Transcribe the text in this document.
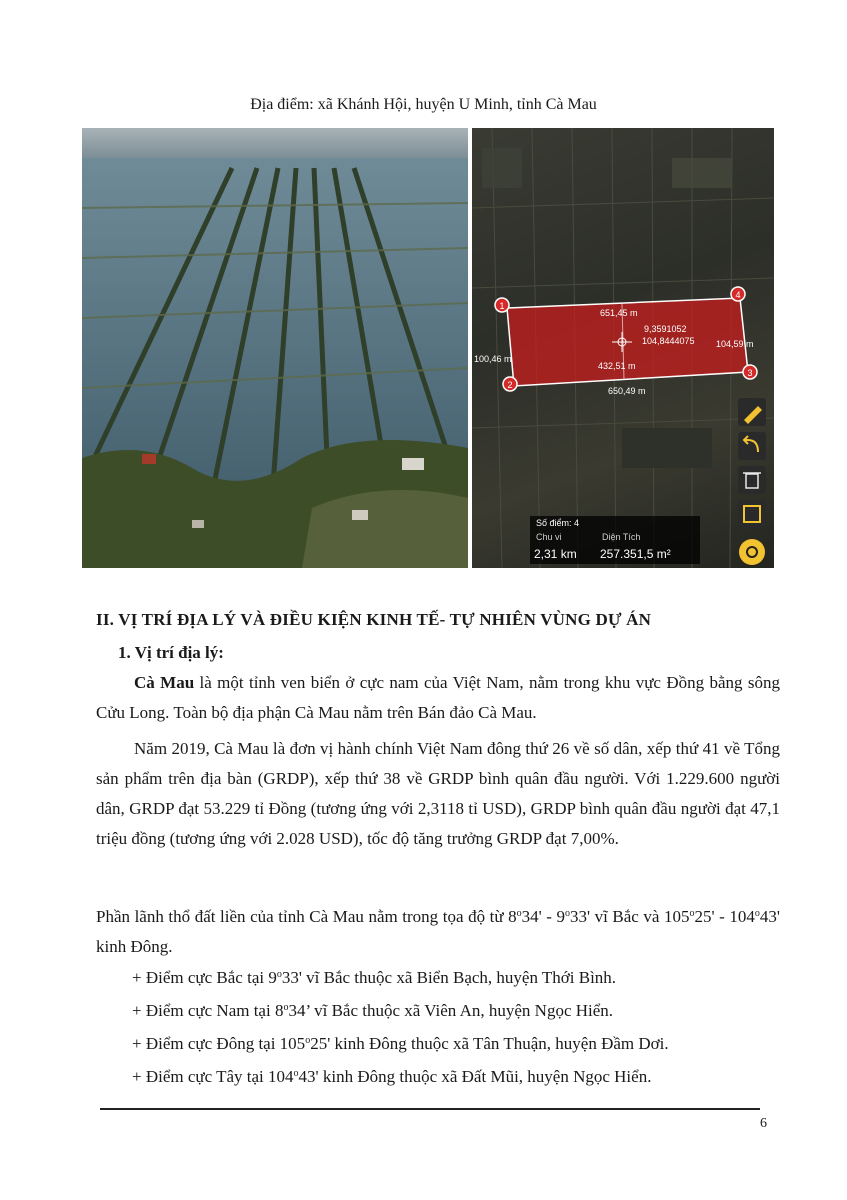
Địa điểm: xã Khánh Hội, huyện U Minh, tỉnh Cà Mau
1
2
3
4
651,45 m
100,46 m
104,59 m
432,51 m
650,49 m
9,3591052
104,8444075
Số điểm: 4
Chu vi	Diện Tích
2,31 km 257.351,5 m²
II. VỊ TRÍ ĐỊA LÝ VÀ ĐIỀU KIỆN KINH TẾ- TỰ NHIÊN VÙNG DỰ ÁN
1. Vị trí địa lý:
Cà Mau là một tỉnh ven biển ở cực nam của Việt Nam, nằm trong khu vực Đồng bằng sông Cửu Long. Toàn bộ địa phận Cà Mau nằm trên Bán đảo Cà Mau.
Năm 2019, Cà Mau là đơn vị hành chính Việt Nam đông thứ 26 về số dân, xếp thứ 41 về Tổng sản phẩm trên địa bàn (GRDP), xếp thứ 38 về GRDP bình quân đầu người. Với 1.229.600 người dân, GRDP đạt 53.229 tỉ Đồng (tương ứng với 2,3118 tỉ USD), GRDP bình quân đầu người đạt 47,1 triệu đồng (tương ứng với 2.028 USD), tốc độ tăng trưởng GRDP đạt 7,00%.
Phần lãnh thổ đất liền của tỉnh Cà Mau nằm trong tọa độ từ 8$^o$34' - 9$^o$33' vĩ Bắc và 105$^o$25' - 104$^o$43' kinh Đông.
+ Điểm cực Bắc tại 9$^o$33' vĩ Bắc thuộc xã Biển Bạch, huyện Thới Bình.
+ Điểm cực Nam tại 8$^o$34’ vĩ Bắc thuộc xã Viên An, huyện Ngọc Hiển.
+ Điểm cực Đông tại 105$^o$25' kinh Đông thuộc xã Tân Thuận, huyện Đầm Dơi.
+ Điểm cực Tây tại 104$^o$43' kinh Đông thuộc xã Đất Mũi, huyện Ngọc Hiển.
6
